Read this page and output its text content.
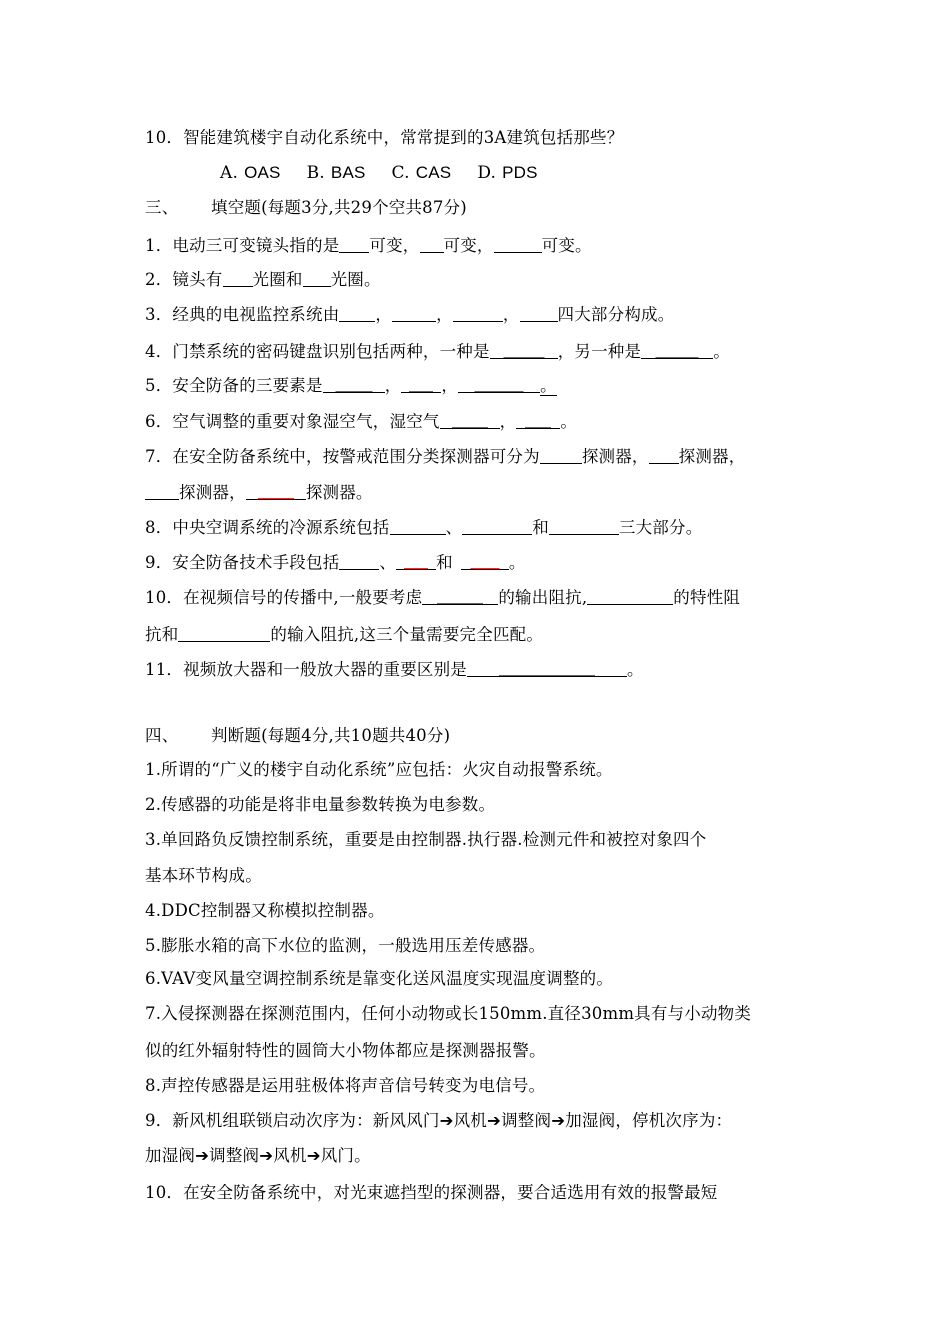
10．智能建筑楼宇自动化系统中，常常提到的3A建筑包括那些？
A. OAS B. BAS C. CAS D. PDS
三、 填空题(每题3分,共29个空共87分)
1．电动三可变镜头指的是 可变， 可变，	可变。
2．镜头有 光圈和 光圈。
3．经典的电视监控系统由 ，	，	， 四大部分构成。
4．门禁系统的密码键盘识别包括两种，一种是	，另一种是	。
5．安全防备的三要素是	， ，	。
6．空气调整的重要对象湿空气，湿空气	，	。
7．在安全防备系统中，按警戒范围分类探测器可分为	探测器， 探测器，
探测器，	探测器。
8．中央空调系统的冷源系统包括	、	和	三大部分。
9．安全防备技术手段包括 、 和	。
10．在视频信号的传播中,一般要考虑	的输出阻抗,	的特性阻
抗和	的输入阻抗,这三个量需要完全匹配。
11．视频放大器和一般放大器的重要区别是	。
四、 判断题(每题4分,共10题共40分)
1.所谓的“广义的楼宇自动化系统”应包括：火灾自动报警系统。
2.传感器的功能是将非电量参数转换为电参数。
3.单回路负反馈控制系统，重要是由控制器.执行器.检测元件和被控对象四个
基本环节构成。
4.DDC控制器又称模拟控制器。
5.膨胀水箱的高下水位的监测，一般选用压差传感器。
6.VAV变风量空调控制系统是靠变化送风温度实现温度调整的。
7.入侵探测器在探测范围内，任何小动物或长150mm.直径30mm具有与小动物类
似的红外辐射特性的圆筒大小物体都应是探测器报警。
8.声控传感器是运用驻极体将声音信号转变为电信号。
9．新风机组联锁启动次序为：新风风门➔风机➔调整阀➔加湿阀，停机次序为：
加湿阀➔调整阀➔风机➔风门。
10．在安全防备系统中，对光束遮挡型的探测器，要合适选用有效的报警最短
